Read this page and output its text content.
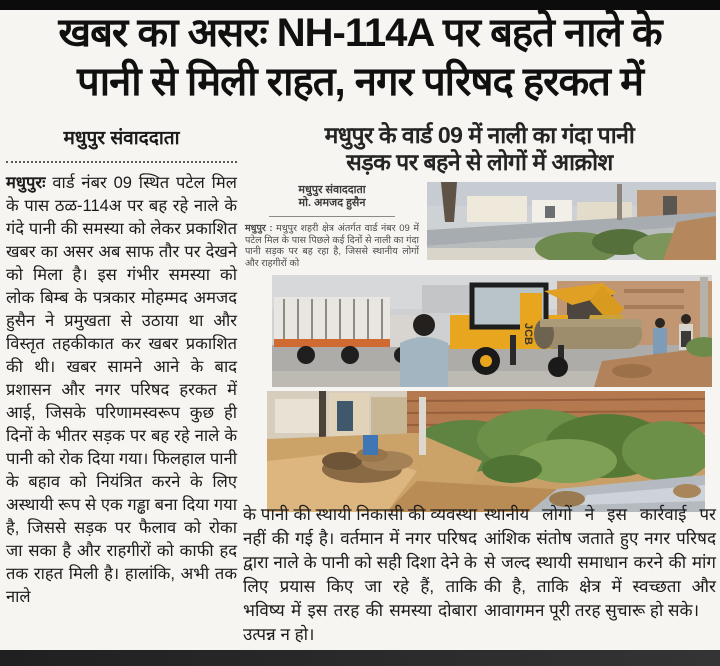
खबर का असरः NH-114A पर बहते नाले के
पानी से मिली राहत, नगर परिषद हरकत में
मधुपुर संवाददाता

मधुपुरः वार्ड नंबर 09 स्थित पटेल मिल के पास ठळ-114अ पर बह रहे नाले के गंदे पानी की समस्या को लेकर प्रकाशित खबर का असर अब साफ तौर पर देखने को मिला है। इस गंभीर समस्या को लोक बिम्ब के पत्रकार मोहम्मद अमजद हुसैन ने प्रमुखता से उठाया था और विस्तृत तहकीकात कर खबर प्रकाशित की थी। खबर सामने आने के बाद प्रशासन और नगर परिषद हरकत में आई, जिसके परिणामस्वरूप कुछ ही दिनों के भीतर सड़क पर बह रहे नाले के पानी को रोक दिया गया। फिलहाल पानी के बहाव को नियंत्रित करने के लिए अस्थायी रूप से एक गड्ढा बना दिया गया है, जिससे सड़क पर फैलाव को रोका जा सका है और राहगीरों को काफी हद तक राहत मिली है। हालांकि, अभी तक नाले

मधुपुर के वार्ड 09 में नाली का गंदा पानी
सड़क पर बहने से लोगों में आक्रोश
मधुपुर संवाददाता
मो. अमजद हुसैन

मधुपुर : मधुपुर शहरी क्षेत्र अंतर्गत वार्ड नंबर 09 में पटेल मिल के पास पिछले कई दिनों से नाली का गंदा पानी सड़क पर बह रहा है, जिससे स्थानीय लोगों और राहगीरों को

JCB

के पानी की स्थायी निकासी की व्यवस्था नहीं की गई है। वर्तमान में नगर परिषद द्वारा नाले के पानी को सही दिशा देने के लिए प्रयास किए जा रहे हैं, ताकि भविष्य में इस तरह की समस्या दोबारा उत्पन्न न हो।

स्थानीय लोगों ने इस कार्रवाई पर आंशिक संतोष जताते हुए नगर परिषद से जल्द स्थायी समाधान करने की मांग की है, ताकि क्षेत्र में स्वच्छता और आवागमन पूरी तरह सुचारू हो सके।
